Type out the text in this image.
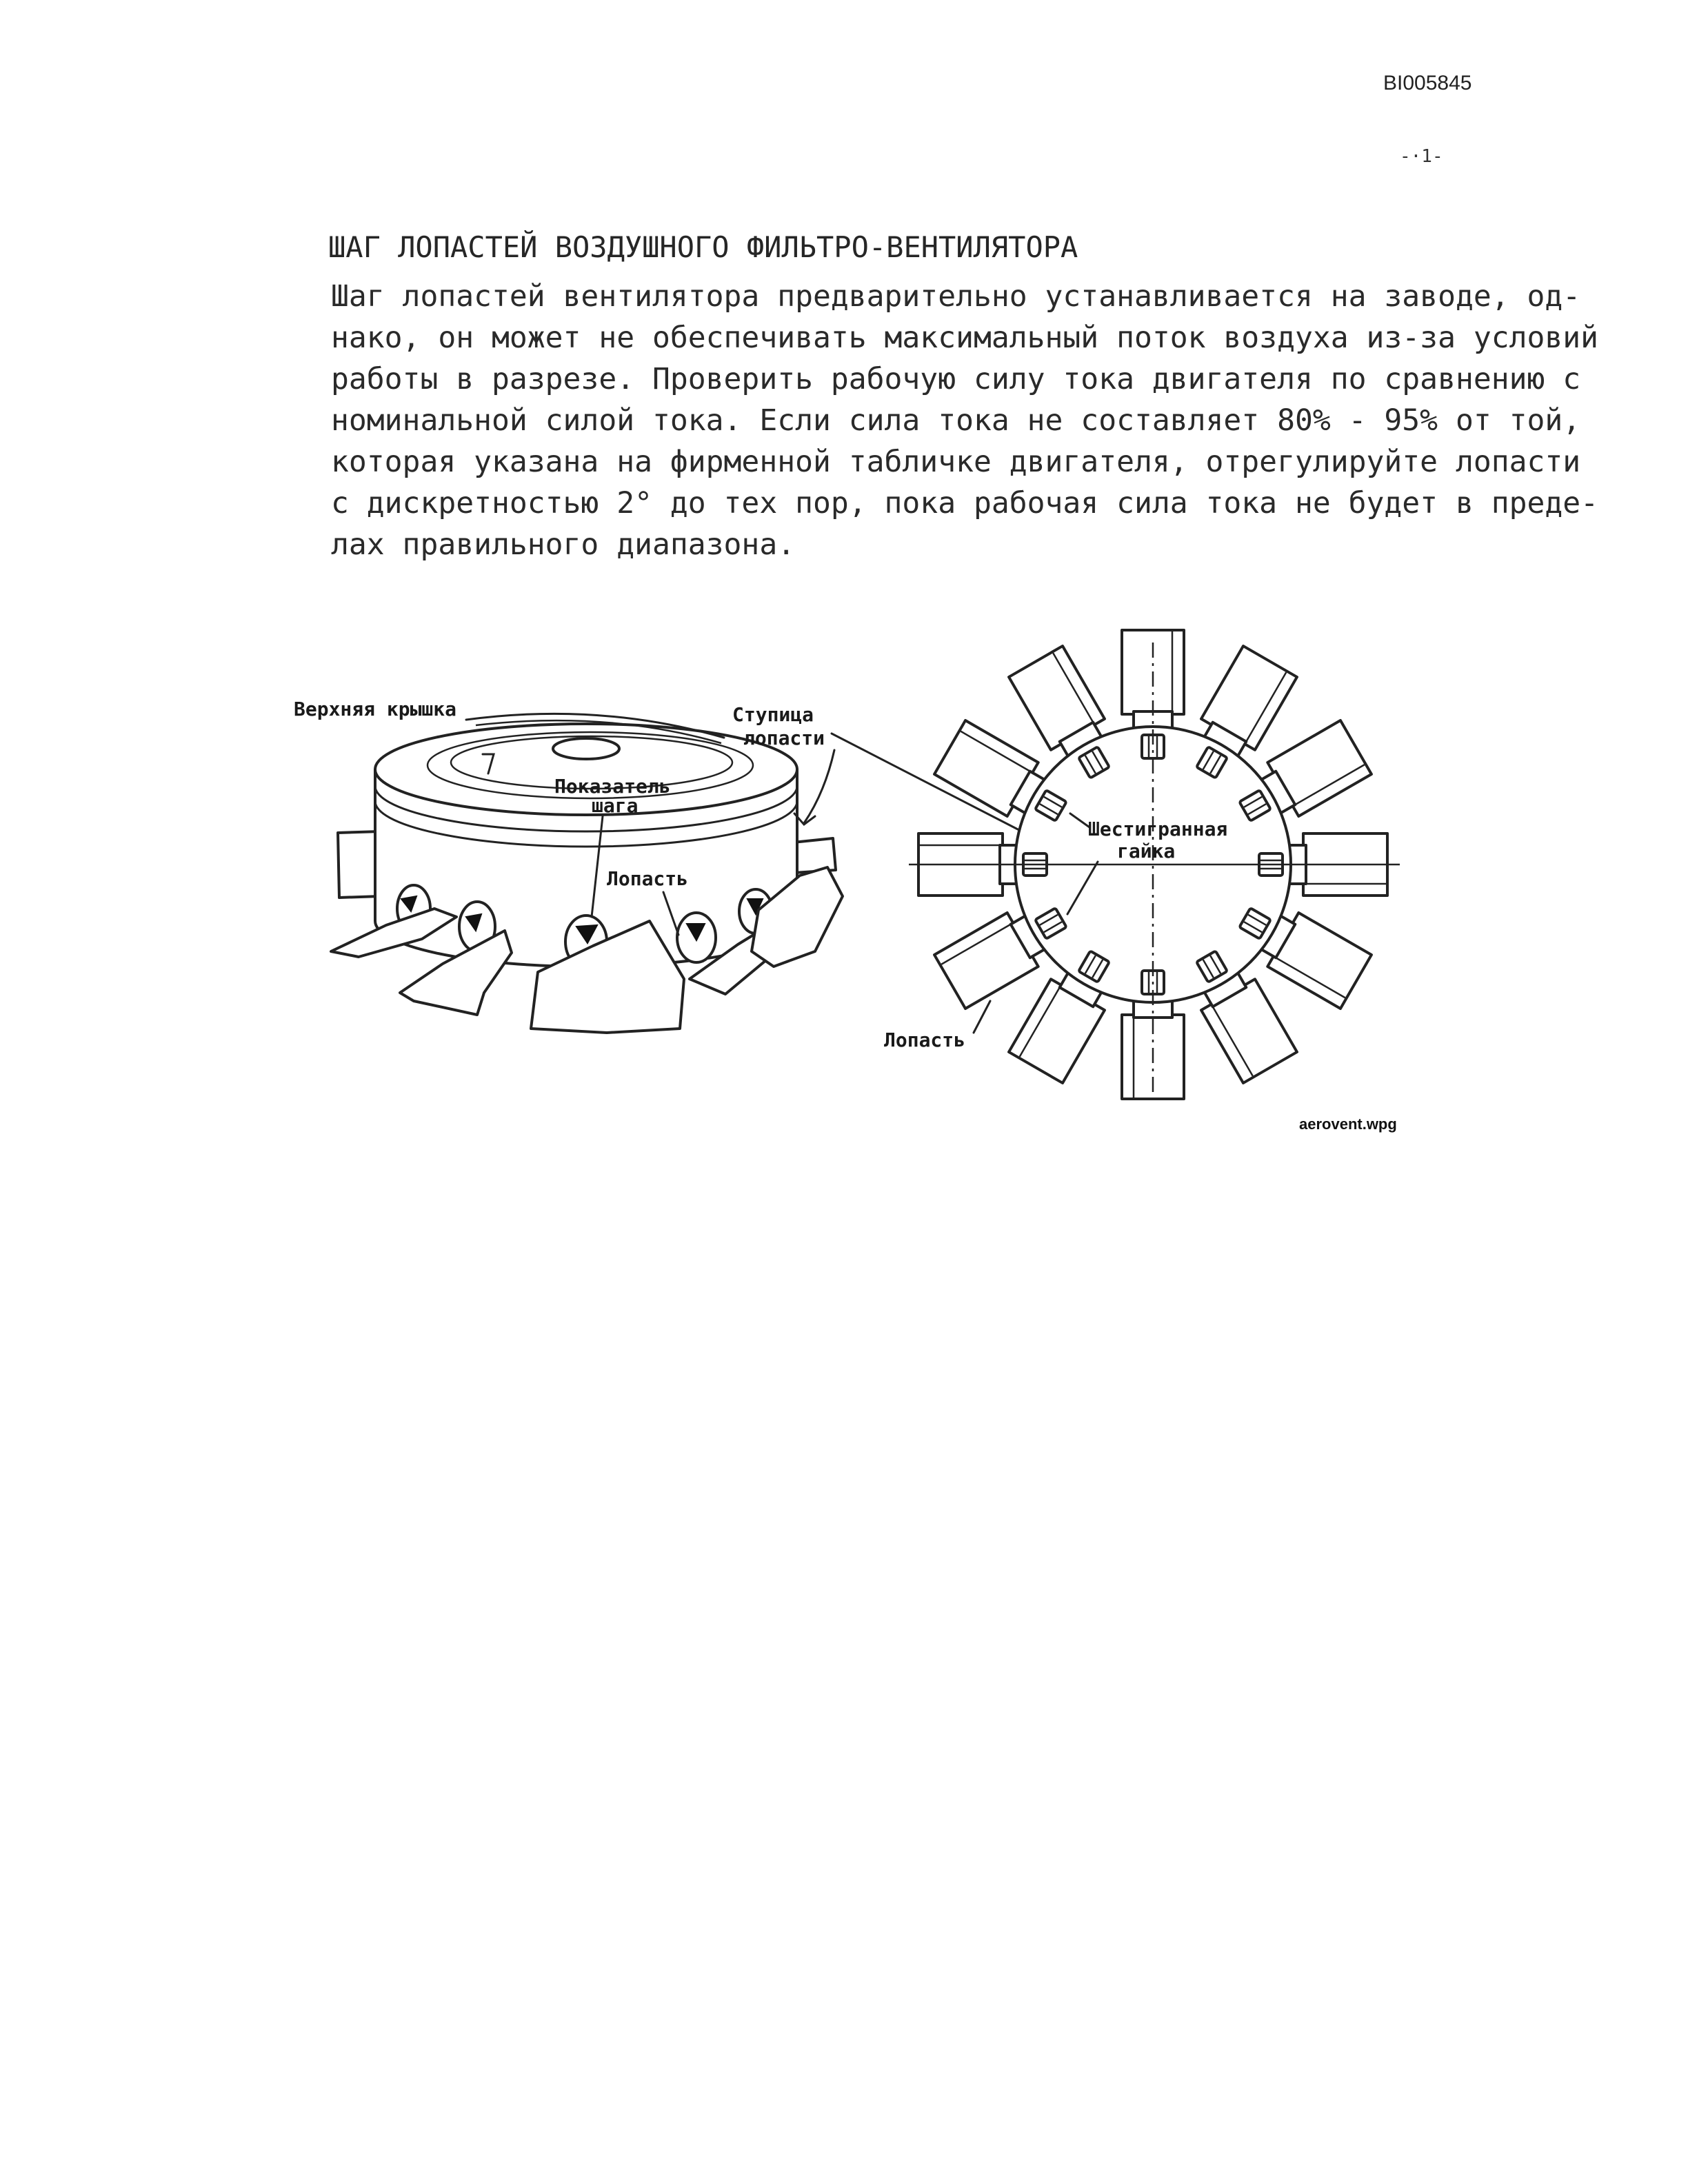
BI005845
-·1-
ШАГ ЛОПАСТЕЙ ВОЗДУШНОГО ФИЛЬТРО-ВЕНТИЛЯТОРА
Шаг лопастей вентилятора предварительно устанавливается на заводе, од-
нако, он может не обеспечивать максимальный поток воздуха из-за условий
работы в разрезе. Проверить рабочую силу тока двигателя по сравнению с
номинальной силой тока. Если сила тока не составляет 80% - 95% от той,
которая указана на фирменной табличке двигателя, отрегулируйте лопасти
с дискретностью 2° до тех пор, пока рабочая сила тока не будет в преде-
лах правильного диапазона.
Верхняя крышка	Ступица
лопасти
Показатель
шага
Лопасть
Шестигранная
гайка
Лопасть
aerovent.wpg
